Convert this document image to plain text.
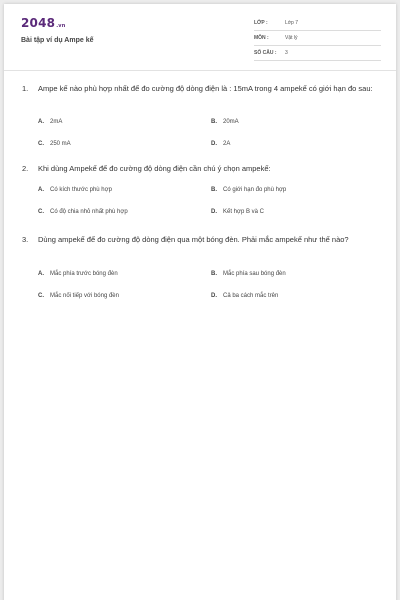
2048.vn
Bài tập ví dụ Ampe kế
LỚP :	Lớp 7
MÔN :	Vật lý
SỐ CÂU : 3
1. Ampe kế nào phù hợp nhất để đo cường độ dòng điện là : 15mA trong 4 ampekế có giới hạn đo sau:
A. 2mA	B. 20mA
C. 250 mA	D. 2A
2. Khi dùng Ampekế để đo cường độ dòng điện cần chú ý chọn ampekế:
A. Có kích thước phù hợp	B. Có giới hạn đo phù hợp
C. Có độ chia nhỏ nhất phù hợp	D. Kết hợp B và C
3. Dùng ampekế để đo cường độ dòng điện qua một bóng đèn. Phải mắc ampekế như thế nào?
A. Mắc phía trước bóng đèn	B. Mắc phía sau bóng đèn
C. Mắc nối tiếp với bóng đèn	D. Cả ba cách mắc trên
